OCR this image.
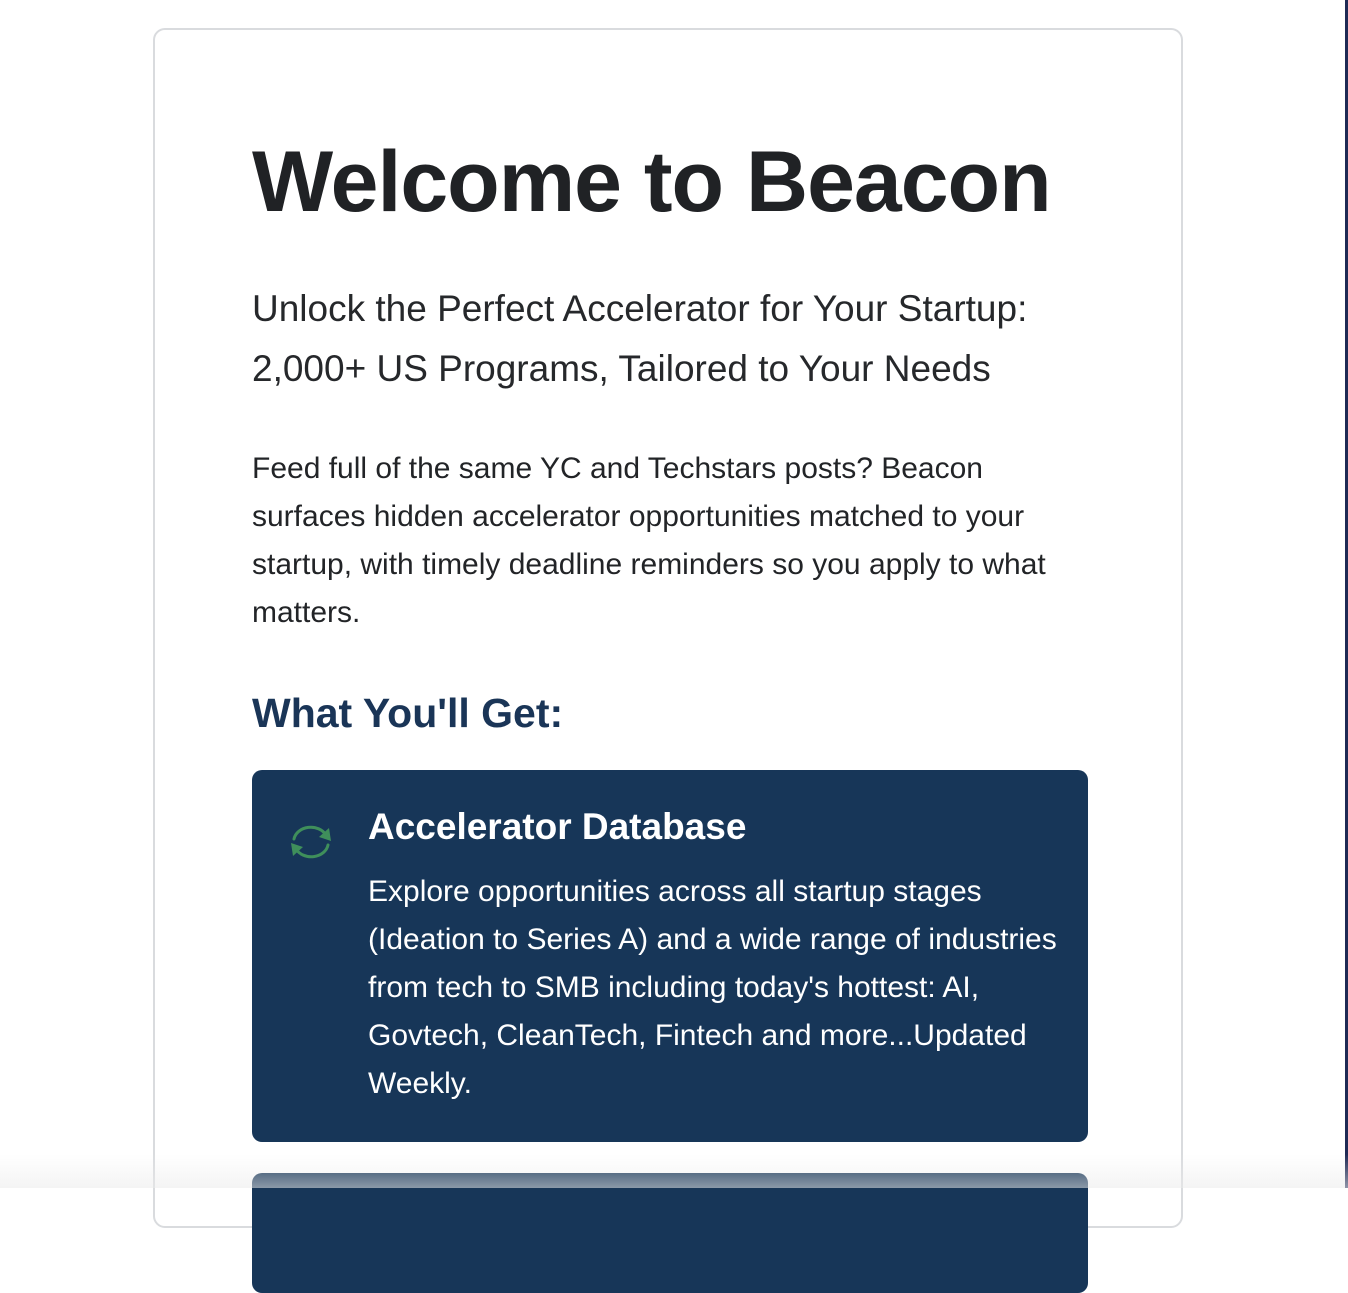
Welcome to Beacon

Unlock the Perfect Accelerator for Your Startup: 2,000+ US Programs, Tailored to Your Needs

Feed full of the same YC and Techstars posts? Beacon surfaces hidden accelerator opportunities matched to your startup, with timely deadline reminders so you apply to what matters.

What You'll Get:
Accelerator Database

Explore opportunities across all startup stages (Ideation to Series A) and a wide range of industries from tech to SMB including today's hottest: AI, Govtech, CleanTech, Fintech and more...Updated Weekly.
